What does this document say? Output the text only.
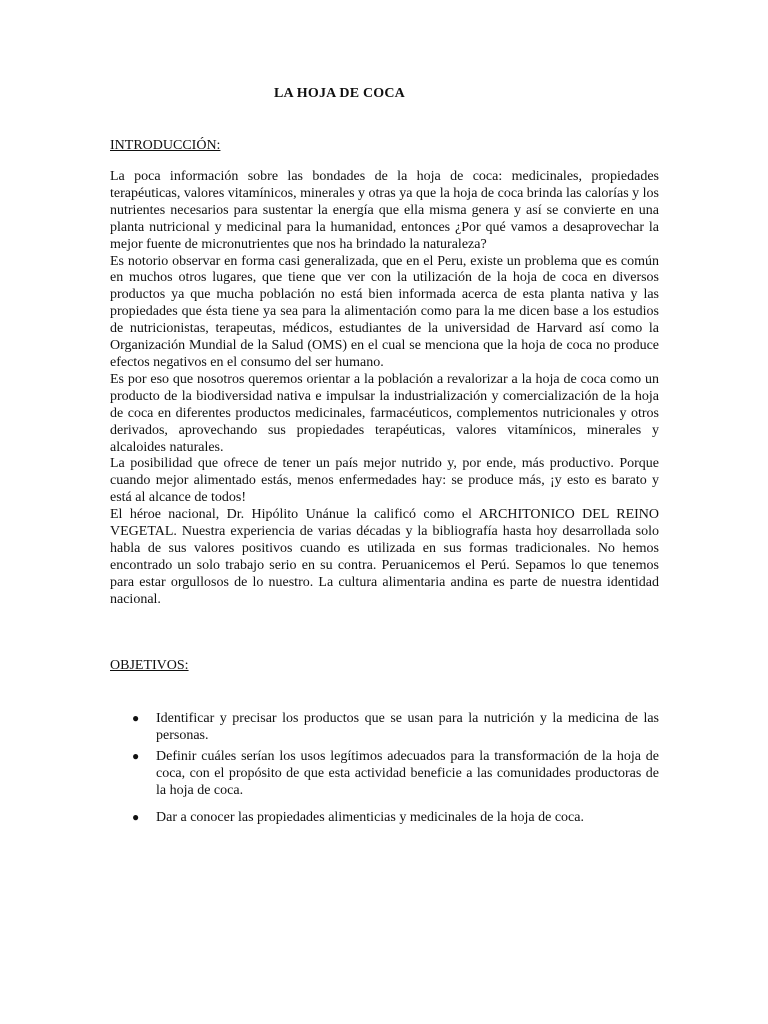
LA HOJA DE COCA
INTRODUCCIÓN:

La poca información sobre las bondades de la hoja de coca: medicinales, propiedades terapéuticas, valores vitamínicos, minerales y otras ya que la hoja de coca brinda las calorías y los nutrientes necesarios para sustentar la energía que ella misma genera y así se convierte en una planta nutricional y medicinal para la humanidad, entonces ¿Por qué vamos a desaprovechar la mejor fuente de micronutrientes que nos ha brindado la naturaleza?

Es notorio observar en forma casi generalizada, que en el Peru, existe un problema que es común en muchos otros lugares, que tiene que ver con la utilización de la hoja de coca en diversos productos ya que mucha población no está bien informada acerca de esta planta nativa y las propiedades que ésta tiene ya sea para la alimentación como para la me dicen base a los estudios de nutricionistas, terapeutas, médicos, estudiantes de la universidad de Harvard así como la Organización Mundial de la Salud (OMS) en el cual se menciona que la hoja de coca no produce efectos negativos en el consumo del ser humano.

Es por eso que nosotros queremos orientar a la población a revalorizar a la hoja de coca como un producto de la biodiversidad nativa e impulsar la industrialización y comercialización de la hoja de coca en diferentes productos medicinales, farmacéuticos, complementos nutricionales y otros derivados, aprovechando sus propiedades terapéuticas, valores vitamínicos, minerales y alcaloides naturales.

La posibilidad que ofrece de tener un país mejor nutrido y, por ende, más productivo. Porque cuando mejor alimentado estás, menos enfermedades hay: se produce más, ¡y esto es barato y está al alcance de todos!

El héroe nacional, Dr. Hipólito Unánue la calificó como el ARCHITONICO DEL REINO VEGETAL. Nuestra experiencia de varias décadas y la bibliografía hasta hoy desarrollada solo habla de sus valores positivos cuando es utilizada en sus formas tradicionales. No hemos encontrado un solo trabajo serio en su contra. Peruanicemos el Perú. Sepamos lo que tenemos para estar orgullosos de lo nuestro. La cultura alimentaria andina es parte de nuestra identidad nacional.

OBJETIVOS:
● Identificar y precisar los productos que se usan para la nutrición y la medicina de las personas.
● Definir cuáles serían los usos legítimos adecuados para la transformación de la hoja de coca, con el propósito de que esta actividad beneficie a las comunidades productoras de la hoja de coca.
● Dar a conocer las propiedades alimenticias y medicinales de la hoja de coca.
